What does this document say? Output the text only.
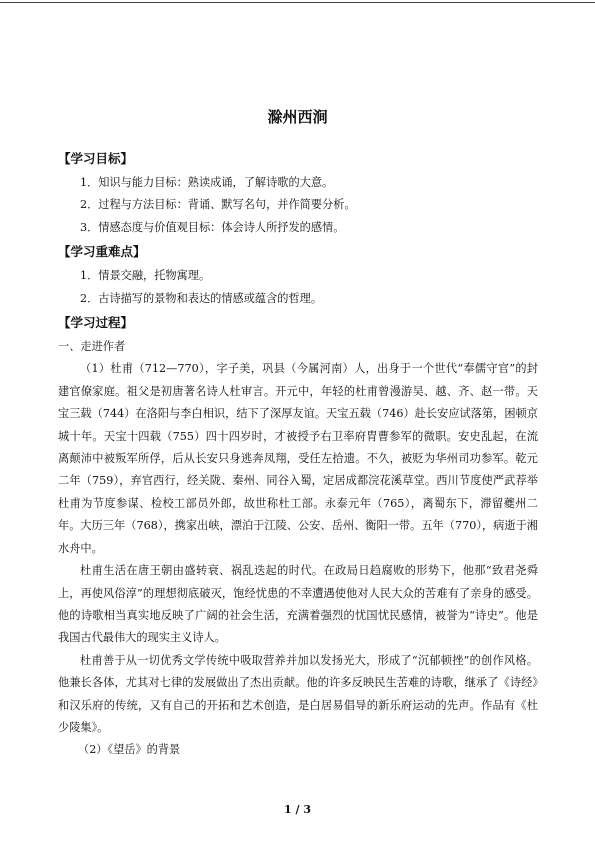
滁州西涧

【学习目标】

1．知识与能力目标：熟读成诵，了解诗歌的大意。

2．过程与方法目标：背诵、默写名句，并作简要分析。

3．情感态度与价值观目标：体会诗人所抒发的感情。

【学习重难点】

1．情景交融，托物寓理。

2．古诗描写的景物和表达的情感或蕴含的哲理。

【学习过程】

一、走进作者

（1）杜甫（712—770），字子美，巩县（今属河南）人，出身于一个世代“奉儒守官”的封建官僚家庭。祖父是初唐著名诗人杜审言。开元中，年轻的杜甫曾漫游吴、越、齐、赵一带。天宝三载（744）在洛阳与李白相识，结下了深厚友谊。天宝五载（746）赴长安应试落第，困顿京城十年。天宝十四载（755）四十四岁时，才被授予右卫率府胄曹参军的微职。安史乱起，在流离颠沛中被叛军所俘，后从长安只身逃奔凤翔，受任左拾遗。不久，被贬为华州司功参军。乾元二年（759），弃官西行，经关陇、秦州、同谷入蜀，定居成都浣花溪草堂。西川节度使严武荐举杜甫为节度参谋、检校工部员外郎，故世称杜工部。永泰元年（765），离蜀东下，滞留夔州二年。大历三年（768），携家出峡，漂泊于江陵、公安、岳州、衡阳一带。五年（770），病逝于湘水舟中。

杜甫生活在唐王朝由盛转衰、祸乱迭起的时代。在政局日趋腐败的形势下，他那“致君尧舜上，再使风俗淳”的理想彻底破灭，饱经忧患的不幸遭遇使他对人民大众的苦难有了亲身的感受。他的诗歌相当真实地反映了广阔的社会生活，充满着强烈的忧国忧民感情，被誉为“诗史”。他是我国古代最伟大的现实主义诗人。

杜甫善于从一切优秀文学传统中吸取营养并加以发扬光大，形成了“沉郁顿挫”的创作风格。他兼长各体，尤其对七律的发展做出了杰出贡献。他的许多反映民生苦难的诗歌，继承了《诗经》和汉乐府的传统，又有自己的开拓和艺术创造，是白居易倡导的新乐府运动的先声。作品有《杜少陵集》。

（2）《望岳》的背景

1 / 3
